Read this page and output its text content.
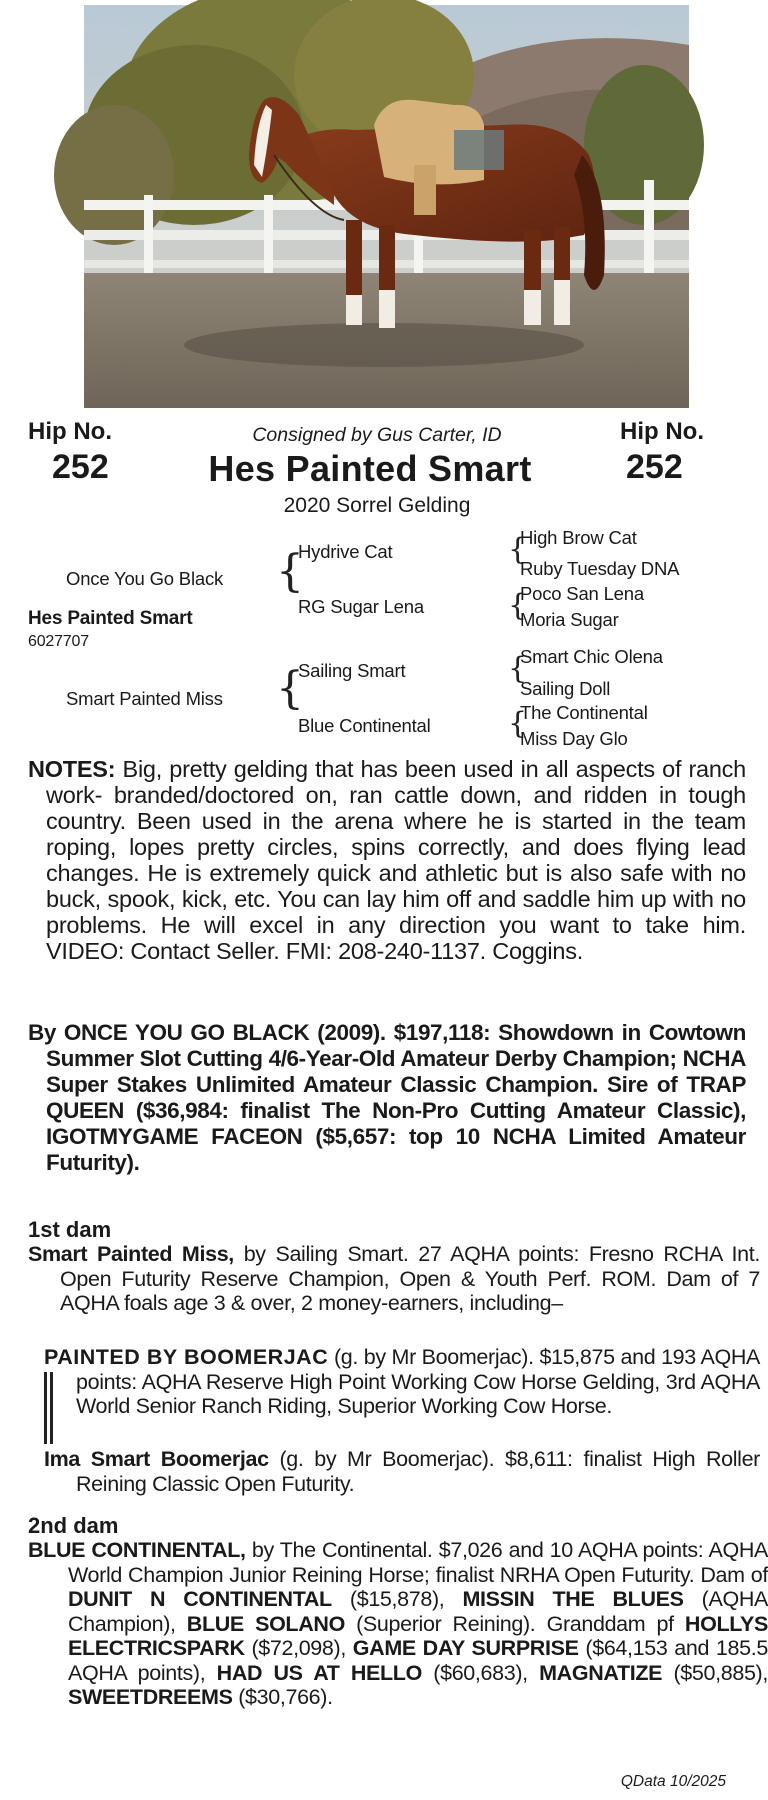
Hip No.
252
Hip No.
252
Consigned by Gus Carter, ID
Hes Painted Smart
2020 Sorrel Gelding
Once You Go Black
Hes Painted Smart
6027707
Smart Painted Miss
{
{
Hydrive Cat
RG Sugar Lena
Sailing Smart
Blue Continental
{
{
{
{
High Brow Cat
Ruby Tuesday DNA
Poco San Lena
Moria Sugar
Smart Chic Olena
Sailing Doll
The Continental
Miss Day Glo
NOTES: Big, pretty gelding that has been used in all aspects of ranch work- branded/doctored on, ran cattle down, and ridden in tough country. Been used in the arena where he is started in the team roping, lopes pretty circles, spins correctly, and does flying lead changes. He is extremely quick and athletic but is also safe with no buck, spook, kick, etc. You can lay him off and saddle him up with no problems. He will excel in any direction you want to take him. VIDEO: Contact Seller. FMI: 208-240-1137. Coggins.
By ONCE YOU GO BLACK (2009). $197,118: Showdown in Cowtown Summer Slot Cutting 4/6-Year-Old Amateur Derby Champion; NCHA Super Stakes Unlimited Amateur Classic Champion. Sire of TRAP QUEEN ($36,984: finalist The Non-Pro Cutting Amateur Classic), IGOTMYGAME FACEON ($5,657: top 10 NCHA Limited Amateur Futurity).
1st dam
Smart Painted Miss, by Sailing Smart. 27 AQHA points: Fresno RCHA Int. Open Futurity Reserve Champion, Open & Youth Perf. ROM. Dam of 7 AQHA foals age 3 & over, 2 money-earners, including–
PAINTED BY BOOMERJAC (g. by Mr Boomerjac). $15,875 and 193 AQHA points: AQHA Reserve High Point Working Cow Horse Gelding, 3rd AQHA World Senior Ranch Riding, Superior Working Cow Horse.
Ima Smart Boomerjac (g. by Mr Boomerjac). $8,611: finalist High Roller Reining Classic Open Futurity.
2nd dam
BLUE CONTINENTAL, by The Continental. $7,026 and 10 AQHA points: AQHA World Champion Junior Reining Horse; finalist NRHA Open Futurity. Dam of DUNIT N CONTINENTAL ($15,878), MISSIN THE BLUES (AQHA Champion), BLUE SOLANO (Superior Reining). Granddam pf HOLLYS ELECTRICSPARK ($72,098), GAME DAY SURPRISE ($64,153 and 185.5 AQHA points), HAD US AT HELLO ($60,683), MAGNATIZE ($50,885), SWEETDREEMS ($30,766).
QData 10/2025
